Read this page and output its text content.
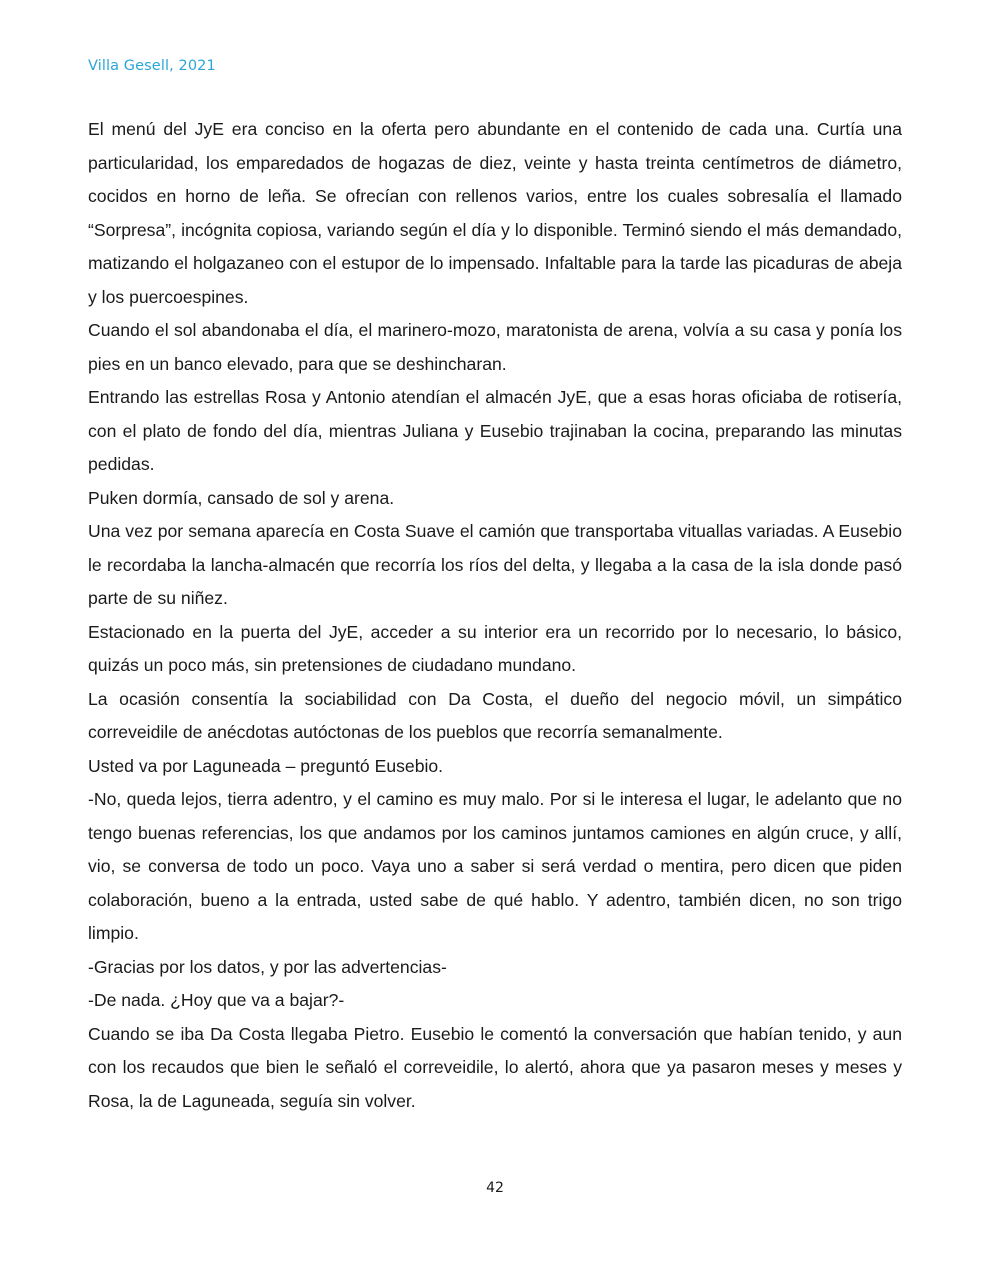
Villa Gesell, 2021

El menú del JyE era conciso en la oferta pero abundante en el contenido de cada una. Curtía una particularidad, los emparedados de hogazas de diez, veinte y hasta treinta centímetros de diámetro, cocidos en horno de leña. Se ofrecían con rellenos varios, entre los cuales sobresalía el llamado “Sorpresa”, incógnita copiosa, variando según el día y lo disponible. Terminó siendo el más demandado, matizando el holgazaneo con el estupor de lo impensado. Infaltable para la tarde las picaduras de abeja y los puercoespines.

Cuando el sol abandonaba el día, el marinero-mozo, maratonista de arena, volvía a su casa y ponía los pies en un banco elevado, para que se deshincharan.

Entrando las estrellas Rosa y Antonio atendían el almacén JyE, que a esas horas oficiaba de rotisería, con el plato de fondo del día, mientras Juliana y Eusebio trajinaban la cocina, preparando las minutas pedidas.

Puken dormía, cansado de sol y arena.

Una vez por semana aparecía en Costa Suave el camión que transportaba vituallas variadas. A Eusebio le recordaba la lancha-almacén que recorría los ríos del delta, y llegaba a la casa de la isla donde pasó parte de su niñez.

Estacionado en la puerta del JyE, acceder a su interior era un recorrido por lo necesario, lo básico, quizás un poco más, sin pretensiones de ciudadano mundano.

La ocasión consentía la sociabilidad con Da Costa, el dueño del negocio móvil, un simpático correveidile de anécdotas autóctonas de los pueblos que recorría semanalmente.

Usted va por Laguneada – preguntó Eusebio.

-No, queda lejos, tierra adentro, y el camino es muy malo. Por si le interesa el lugar, le adelanto que no tengo buenas referencias, los que andamos por los caminos juntamos camiones en algún cruce, y allí, vio, se conversa de todo un poco. Vaya uno a saber si será verdad o mentira, pero dicen que piden colaboración, bueno a la entrada, usted sabe de qué hablo. Y adentro, también dicen, no son trigo limpio.

-Gracias por los datos, y por las advertencias-

-De nada. ¿Hoy que va a bajar?-

Cuando se iba Da Costa llegaba Pietro. Eusebio le comentó la conversación que habían tenido, y aun con los recaudos que bien le señaló el correveidile, lo alertó, ahora que ya pasaron meses y meses y Rosa, la de Laguneada, seguía sin volver.

42
